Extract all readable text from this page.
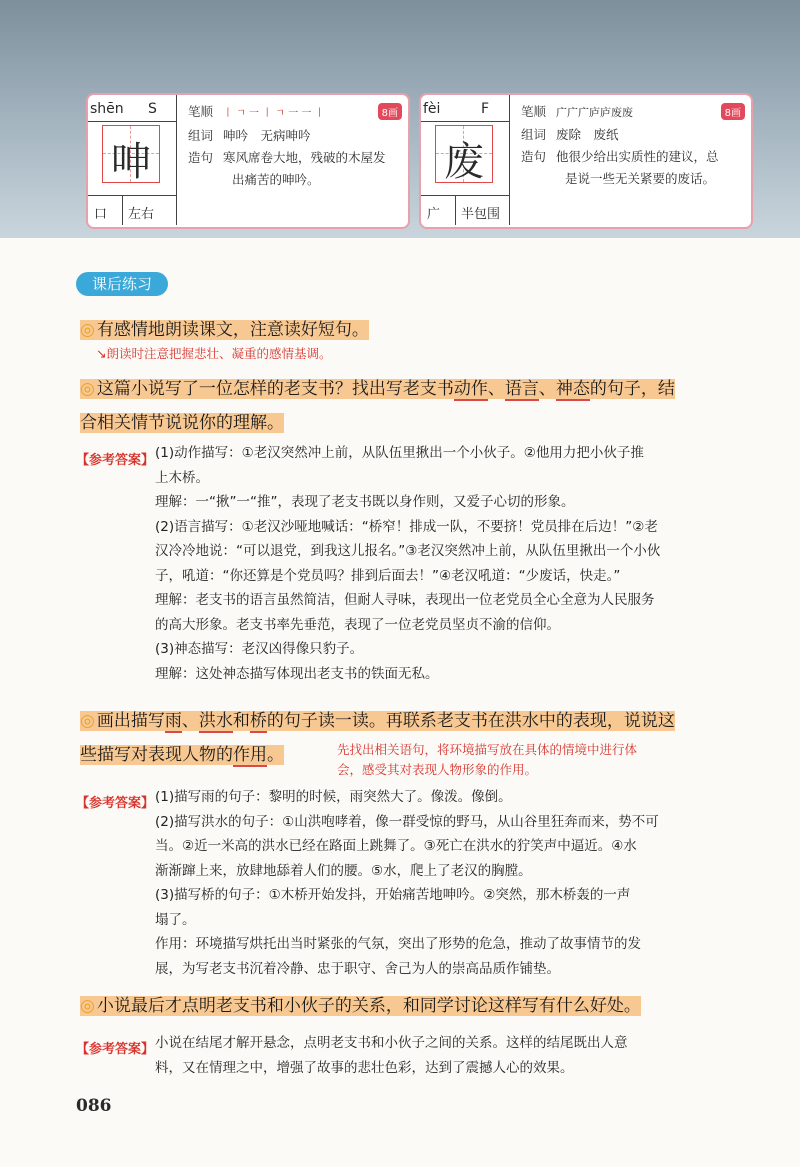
shēn S
呻
口 左右
笔顺 丨 ㄱ 一 丨 ㄱ 一 一 丨
组词 呻吟　无病呻吟
造句 寒风席卷大地，残破的木屋发
出痛苦的呻吟。
8画 fèi	F
废
广 半包围
笔顺 广广广庐庐废废
组词 废除　废纸
造句 他很少给出实质性的建议，总
是说一些无关紧要的废话。
8画
课后练习
◎ 有感情地朗读课文，注意读好短句。
↘朗读时注意把握悲壮、凝重的感情基调。
◎ 这篇小说写了一位怎样的老支书？找出写老支书动作、语言、神态的句子，结
合相关情节说说你的理解。
【参考答案】 (1)动作描写：①老汉突然冲上前，从队伍里揪出一个小伙子。②他用力把小伙子推

上木桥。

理解：一“揪”一“推”，表现了老支书既以身作则，又爱子心切的形象。

(2)语言描写：①老汉沙哑地喊话：“桥窄！排成一队，不要挤！党员排在后边！”②老

汉冷冷地说：“可以退党，到我这儿报名。”③老汉突然冲上前，从队伍里揪出一个小伙

子，吼道：“你还算是个党员吗？排到后面去！”④老汉吼道：“少废话，快走。”

理解：老支书的语言虽然简洁，但耐人寻味，表现出一位老党员全心全意为人民服务

的高大形象。老支书率先垂范，表现了一位老党员坚贞不渝的信仰。

(3)神态描写：老汉凶得像只豹子。

理解：这处神态描写体现出老支书的铁面无私。

◎ 画出描写雨、洪水和桥的句子读一读。再联系老支书在洪水中的表现，说说这
些描写对表现人物的作用。	先找出相关语句，将环境描写放在具体的情境中进行体
会，感受其对表现人物形象的作用。
【参考答案】 (1)描写雨的句子：黎明的时候，雨突然大了。像泼。像倒。

(2)描写洪水的句子：①山洪咆哮着，像一群受惊的野马，从山谷里狂奔而来，势不可

当。②近一米高的洪水已经在路面上跳舞了。③死亡在洪水的狞笑声中逼近。④水

渐渐蹿上来，放肆地舔着人们的腰。⑤水，爬上了老汉的胸膛。

(3)描写桥的句子：①木桥开始发抖，开始痛苦地呻吟。②突然，那木桥轰的一声

塌了。

作用：环境描写烘托出当时紧张的气氛，突出了形势的危急，推动了故事情节的发

展，为写老支书沉着冷静、忠于职守、舍己为人的崇高品质作铺垫。

◎ 小说最后才点明老支书和小伙子的关系，和同学讨论这样写有什么好处。
【参考答案】 小说在结尾才解开悬念，点明老支书和小伙子之间的关系。这样的结尾既出人意

料，又在情理之中，增强了故事的悲壮色彩，达到了震撼人心的效果。

086
